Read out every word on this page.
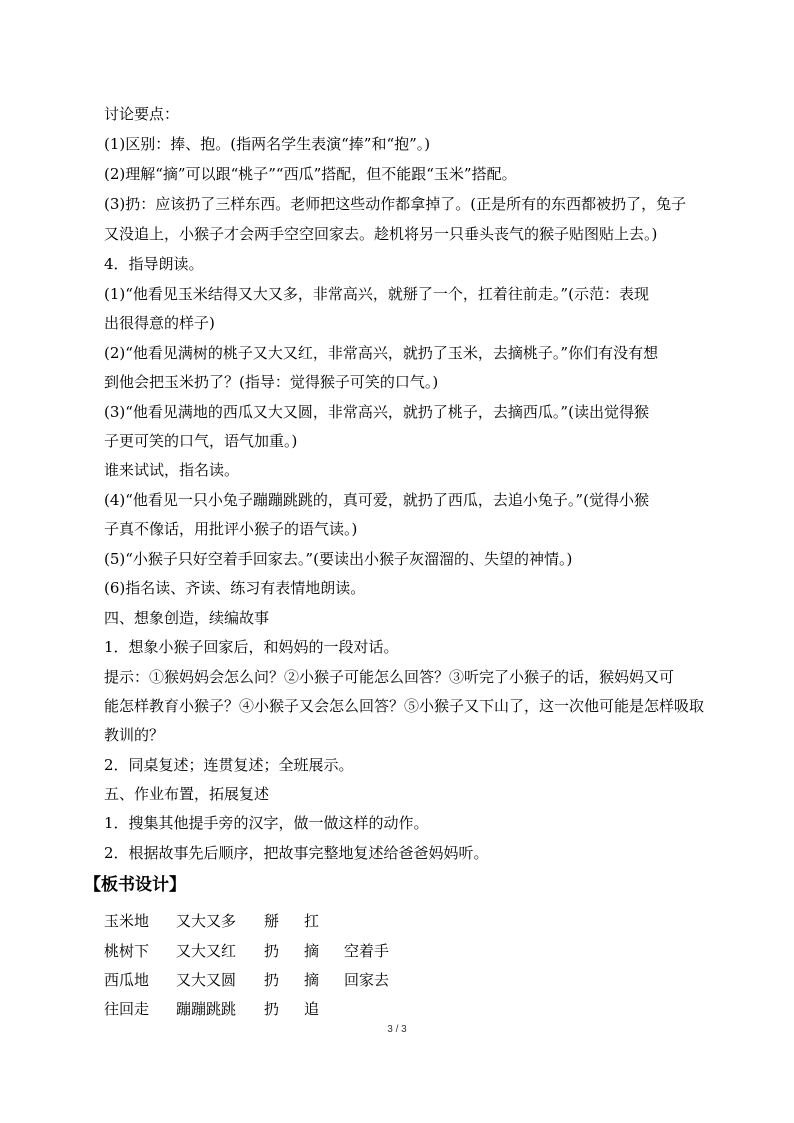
讨论要点：
(1)区别：捧、抱。(指两名学生表演“捧”和“抱”。)
(2)理解“摘”可以跟“桃子”“西瓜”搭配，但不能跟“玉米”搭配。
(3)扔：应该扔了三样东西。老师把这些动作都拿掉了。(正是所有的东西都被扔了，兔子
又没追上，小猴子才会两手空空回家去。趁机将另一只垂头丧气的猴子贴图贴上去。)
4．指导朗读。
(1)“他看见玉米结得又大又多，非常高兴，就掰了一个，扛着往前走。”(示范：表现
出很得意的样子)
(2)“他看见满树的桃子又大又红，非常高兴，就扔了玉米，去摘桃子。”你们有没有想
到他会把玉米扔了？(指导：觉得猴子可笑的口气。)
(3)“他看见满地的西瓜又大又圆，非常高兴，就扔了桃子，去摘西瓜。”(读出觉得猴
子更可笑的口气，语气加重。)
谁来试试，指名读。
(4)“他看见一只小兔子蹦蹦跳跳的，真可爱，就扔了西瓜，去追小兔子。”(觉得小猴
子真不像话，用批评小猴子的语气读。)
(5)“小猴子只好空着手回家去。”(要读出小猴子灰溜溜的、失望的神情。)
(6)指名读、齐读、练习有表情地朗读。
四、想象创造，续编故事
1．想象小猴子回家后，和妈妈的一段对话。
提示：①猴妈妈会怎么问？②小猴子可能怎么回答？③听完了小猴子的话，猴妈妈又可
能怎样教育小猴子？④小猴子又会怎么回答？⑤小猴子又下山了，这一次他可能是怎样吸取
教训的？
2．同桌复述；连贯复述；全班展示。
五、作业布置，拓展复述
1．搜集其他提手旁的汉字，做一做这样的动作。
2．根据故事先后顺序，把故事完整地复述给爸爸妈妈听。
【板书设计】
玉米地 又大又多 掰 扛
桃树下 又大又红 扔 摘 空着手
西瓜地 又大又圆 扔 摘 回家去
往回走 蹦蹦跳跳 扔 追
3 / 3
